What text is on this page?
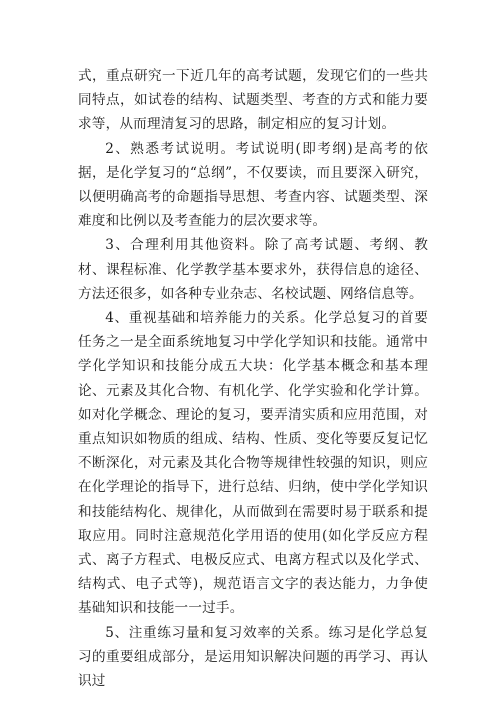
式，重点研究一下近几年的高考试题，发现它们的一些共同特点，如试卷的结构、试题类型、考查的方式和能力要求等，从而理清复习的思路，制定相应的复习计划。

2、熟悉考试说明。考试说明(即考纲)是高考的依据，是化学复习的“总纲”，不仅要读，而且要深入研究，以便明确高考的命题指导思想、考查内容、试题类型、深难度和比例以及考查能力的层次要求等。

3、合理利用其他资料。除了高考试题、考纲、教材、课程标准、化学教学基本要求外，获得信息的途径、方法还很多，如各种专业杂志、名校试题、网络信息等。

4、重视基础和培养能力的关系。化学总复习的首要任务之一是全面系统地复习中学化学知识和技能。通常中学化学知识和技能分成五大块：化学基本概念和基本理论、元素及其化合物、有机化学、化学实验和化学计算。如对化学概念、理论的复习，要弄清实质和应用范围，对重点知识如物质的组成、结构、性质、变化等要反复记忆不断深化，对元素及其化合物等规律性较强的知识，则应在化学理论的指导下，进行总结、归纳，使中学化学知识和技能结构化、规律化，从而做到在需要时易于联系和提取应用。同时注意规范化学用语的使用(如化学反应方程式、离子方程式、电极反应式、电离方程式以及化学式、结构式、电子式等)，规范语言文字的表达能力，力争使基础知识和技能一一过手。

5、注重练习量和复习效率的关系。练习是化学总复习的重要组成部分，是运用知识解决问题的再学习、再认识过
